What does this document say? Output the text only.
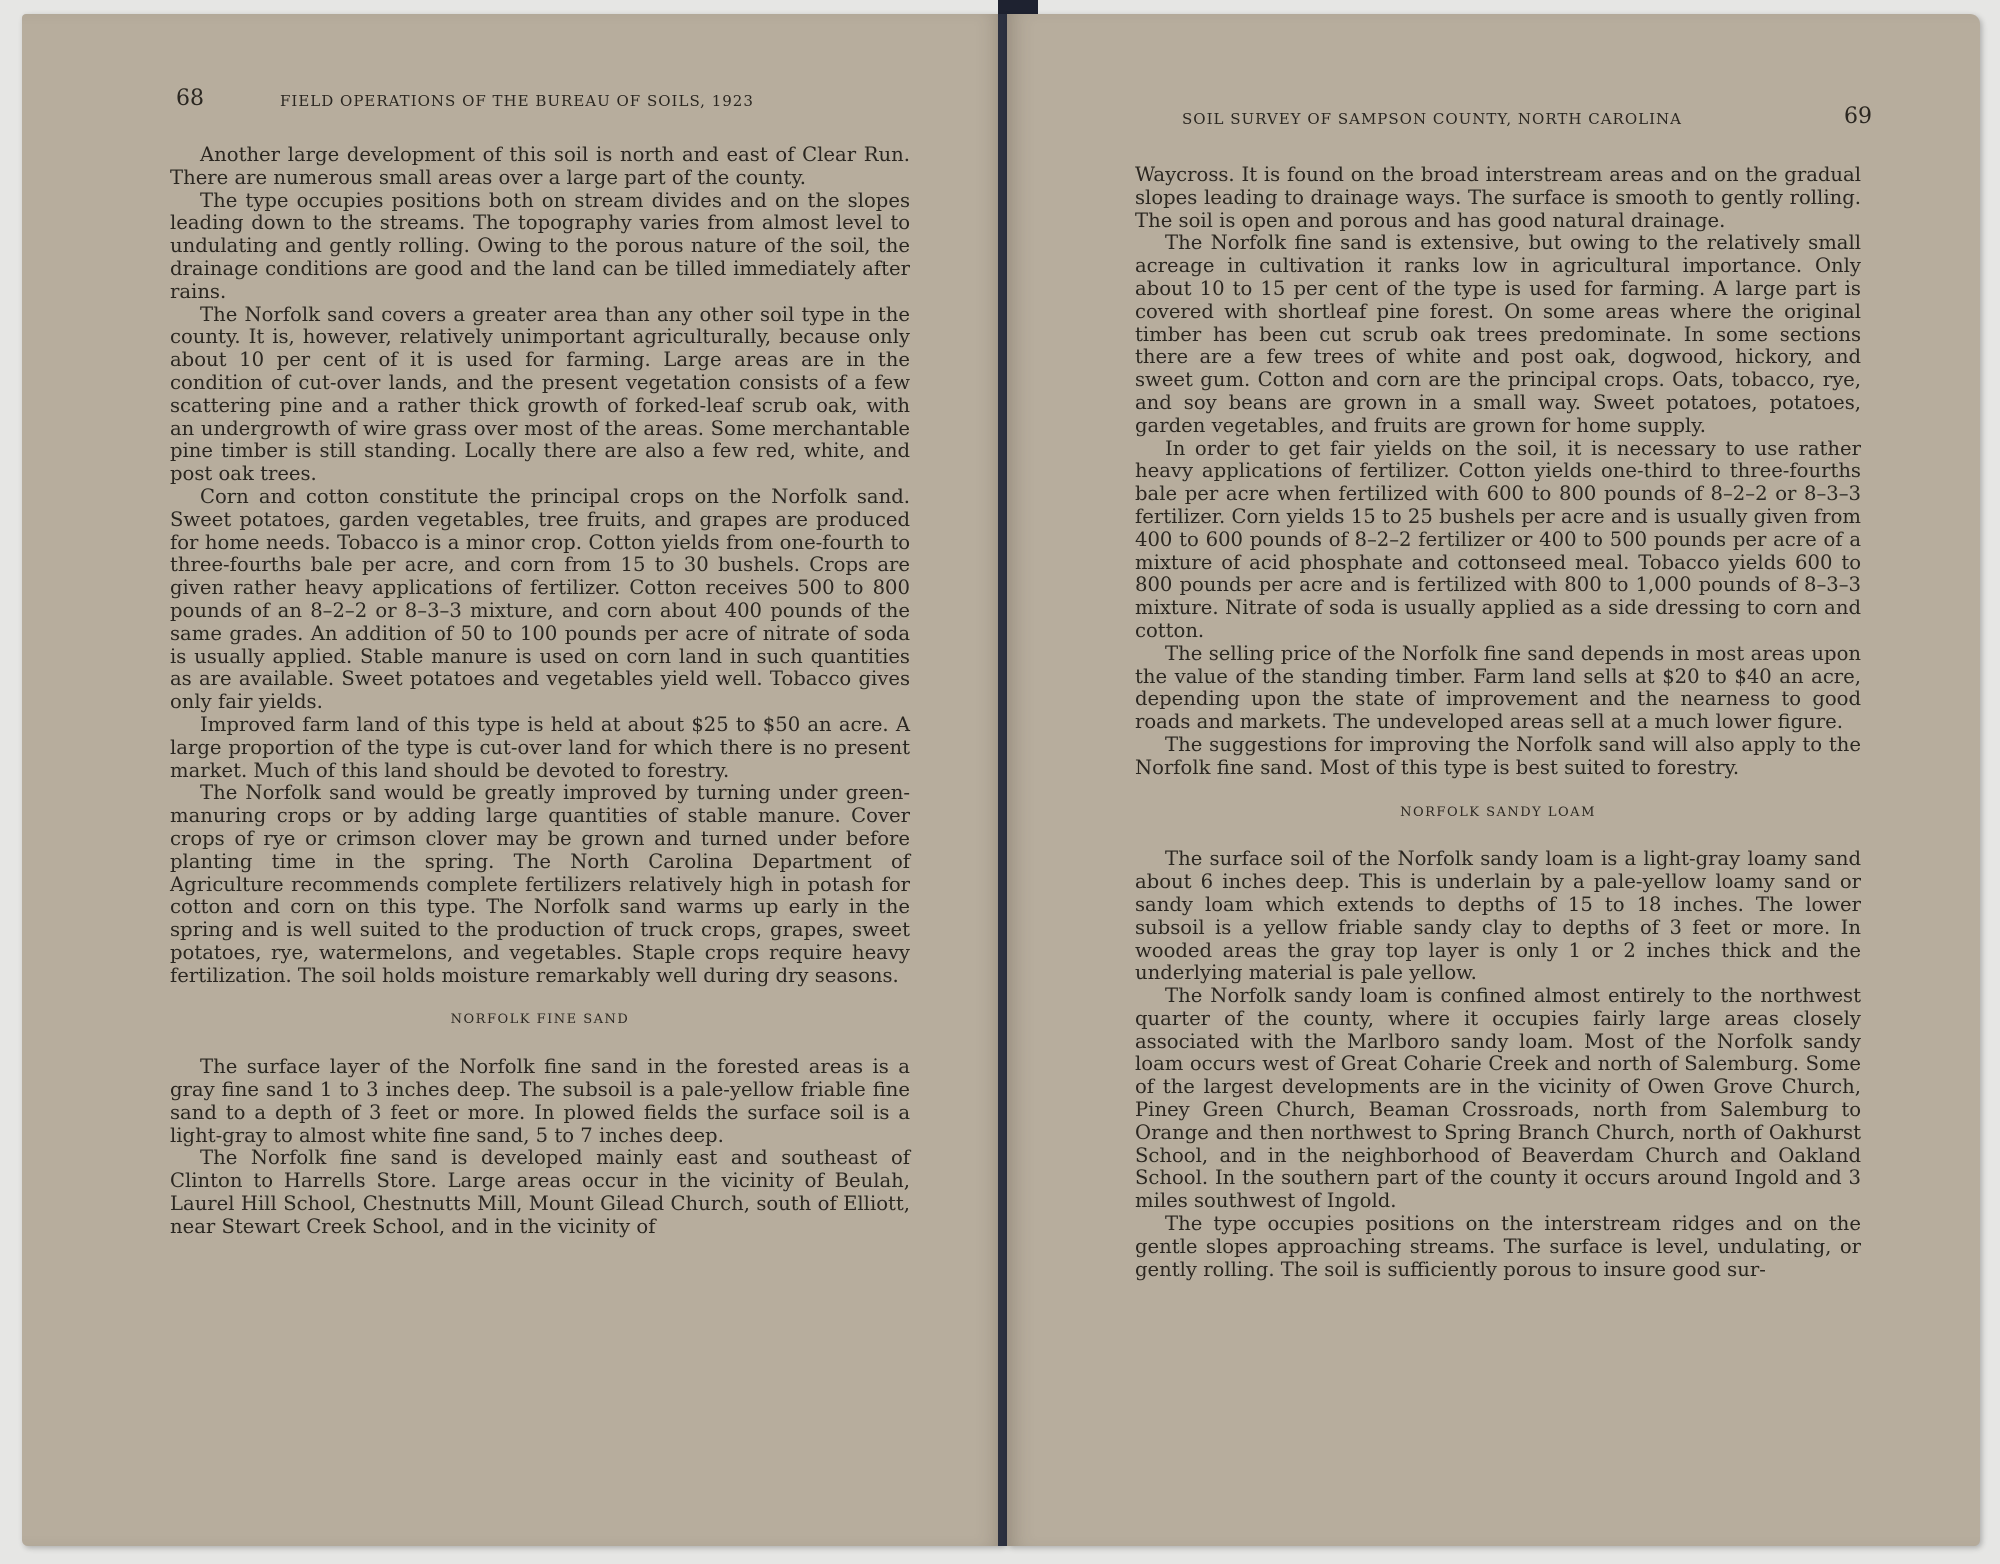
68	FIELD OPERATIONS OF THE BUREAU OF SOILS, 1923

Another large development of this soil is north and east of Clear Run. There are numerous small areas over a large part of the county.

The type occupies positions both on stream divides and on the slopes leading down to the streams. The topography varies from almost level to undulating and gently rolling. Owing to the porous nature of the soil, the drainage conditions are good and the land can be tilled immediately after rains.

The Norfolk sand covers a greater area than any other soil type in the county. It is, however, relatively unimportant agriculturally, because only about 10 per cent of it is used for farming. Large areas are in the condition of cut-over lands, and the present vegetation consists of a few scattering pine and a rather thick growth of forked-leaf scrub oak, with an undergrowth of wire grass over most of the areas. Some merchantable pine timber is still standing. Locally there are also a few red, white, and post oak trees.

Corn and cotton constitute the principal crops on the Norfolk sand. Sweet potatoes, garden vegetables, tree fruits, and grapes are produced for home needs. Tobacco is a minor crop. Cotton yields from one-fourth to three-fourths bale per acre, and corn from 15 to 30 bushels. Crops are given rather heavy applications of fertilizer. Cotton receives 500 to 800 pounds of an 8–2–2 or 8–3–3 mixture, and corn about 400 pounds of the same grades. An addition of 50 to 100 pounds per acre of nitrate of soda is usually applied. Stable manure is used on corn land in such quantities as are available. Sweet potatoes and vegetables yield well. Tobacco gives only fair yields.

Improved farm land of this type is held at about $25 to $50 an acre. A large proportion of the type is cut-over land for which there is no present market. Much of this land should be devoted to forestry.

The Norfolk sand would be greatly improved by turning under green-manuring crops or by adding large quantities of stable manure. Cover crops of rye or crimson clover may be grown and turned under before planting time in the spring. The North Carolina Department of Agriculture recommends complete fertilizers relatively high in potash for cotton and corn on this type. The Norfolk sand warms up early in the spring and is well suited to the production of truck crops, grapes, sweet potatoes, rye, watermelons, and vegetables. Staple crops require heavy fertilization. The soil holds moisture remarkably well during dry seasons.

NORFOLK FINE SAND

The surface layer of the Norfolk fine sand in the forested areas is a gray fine sand 1 to 3 inches deep. The subsoil is a pale-yellow friable fine sand to a depth of 3 feet or more. In plowed fields the surface soil is a light-gray to almost white fine sand, 5 to 7 inches deep.

The Norfolk fine sand is developed mainly east and southeast of Clinton to Harrells Store. Large areas occur in the vicinity of Beulah, Laurel Hill School, Chestnutts Mill, Mount Gilead Church, south of Elliott, near Stewart Creek School, and in the vicinity of

SOIL SURVEY OF SAMPSON COUNTY, NORTH CAROLINA	69

Waycross. It is found on the broad interstream areas and on the gradual slopes leading to drainage ways. The surface is smooth to gently rolling. The soil is open and porous and has good natural drainage.

The Norfolk fine sand is extensive, but owing to the relatively small acreage in cultivation it ranks low in agricultural importance. Only about 10 to 15 per cent of the type is used for farming. A large part is covered with shortleaf pine forest. On some areas where the original timber has been cut scrub oak trees predominate. In some sections there are a few trees of white and post oak, dogwood, hickory, and sweet gum. Cotton and corn are the principal crops. Oats, tobacco, rye, and soy beans are grown in a small way. Sweet potatoes, potatoes, garden vegetables, and fruits are grown for home supply.

In order to get fair yields on the soil, it is necessary to use rather heavy applications of fertilizer. Cotton yields one-third to three-fourths bale per acre when fertilized with 600 to 800 pounds of 8–2–2 or 8–3–3 fertilizer. Corn yields 15 to 25 bushels per acre and is usually given from 400 to 600 pounds of 8–2–2 fertilizer or 400 to 500 pounds per acre of a mixture of acid phosphate and cottonseed meal. Tobacco yields 600 to 800 pounds per acre and is fertilized with 800 to 1,000 pounds of 8–3–3 mixture. Nitrate of soda is usually applied as a side dressing to corn and cotton.

The selling price of the Norfolk fine sand depends in most areas upon the value of the standing timber. Farm land sells at $20 to $40 an acre, depending upon the state of improvement and the nearness to good roads and markets. The undeveloped areas sell at a much lower figure.

The suggestions for improving the Norfolk sand will also apply to the Norfolk fine sand. Most of this type is best suited to forestry.

NORFOLK SANDY LOAM

The surface soil of the Norfolk sandy loam is a light-gray loamy sand about 6 inches deep. This is underlain by a pale-yellow loamy sand or sandy loam which extends to depths of 15 to 18 inches. The lower subsoil is a yellow friable sandy clay to depths of 3 feet or more. In wooded areas the gray top layer is only 1 or 2 inches thick and the underlying material is pale yellow.

The Norfolk sandy loam is confined almost entirely to the northwest quarter of the county, where it occupies fairly large areas closely associated with the Marlboro sandy loam. Most of the Norfolk sandy loam occurs west of Great Coharie Creek and north of Salemburg. Some of the largest developments are in the vicinity of Owen Grove Church, Piney Green Church, Beaman Crossroads, north from Salemburg to Orange and then northwest to Spring Branch Church, north of Oakhurst School, and in the neighborhood of Beaverdam Church and Oakland School. In the southern part of the county it occurs around Ingold and 3 miles southwest of Ingold.

The type occupies positions on the interstream ridges and on the gentle slopes approaching streams. The surface is level, undulating, or gently rolling. The soil is sufficiently porous to insure good sur-
